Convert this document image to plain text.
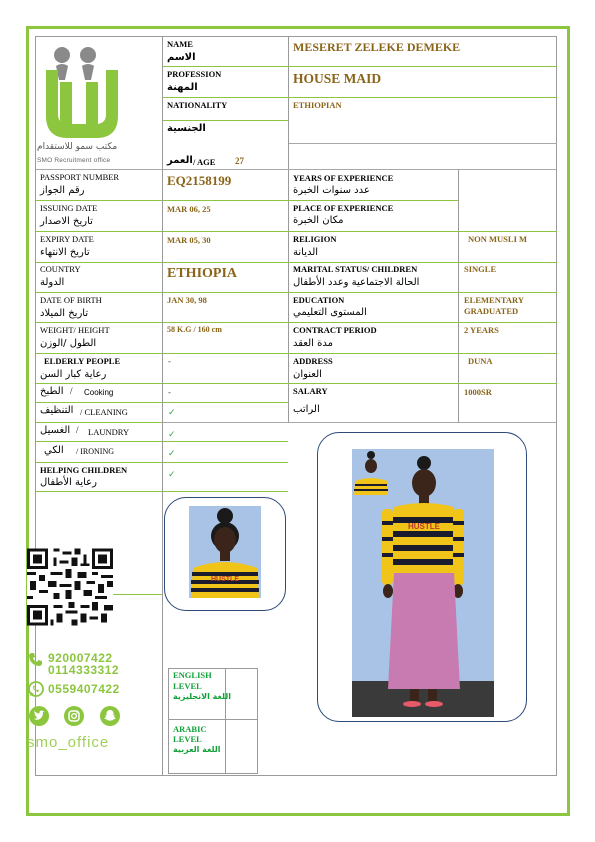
مكتب سمو للاستقدام
SMO Recruitment office
PASSPORT NUMBER
رقم الجواز
ISSUING DATE
تاريخ الاصدار
EXPIRY DATE
تاريخ الانتهاء
COUNTRY
الدولة
DATE OF BIRTH
تاريخ الميلاد
WEIGHT/ HEIGHT
الطول /الوزن
ELDERLY PEOPLE
رعاية كبار السن
الطبخ / Cooking
التنظيف / CLEANING
الغسيل / LAUNDRY
الكي / IRONING
HELPING CHILDREN
رعاية الأطفال
NAME
الاسم
PROFESSION
المهنة
NATIONALITY
الجنسية
العمر / AGE 27
EQ2158199
MAR 06, 25
MAR 05, 30
ETHIOPIA
JAN 30, 98
58 K.G / 160 cm
-
-
✓
✓
✓
✓
MESERET ZELEKE DEMEKE
HOUSE MAID
ETHIOPIAN
YEARS OF EXPERIENCE
عدد سنوات الخبرة
PLACE OF EXPERIENCE
مكان الخبرة
RELIGION
الديانة
MARITAL STATUS/ CHILDREN
الحالة الاجتماعية وعدد الأطفال
EDUCATION
المستوى التعليمي
CONTRACT PERIOD
مدة العقد
ADDRESS
العنوان
SALARY
الراتب
NON MUSLI M
SINGLE
ELEMENTARY
GRADUATED
2 YEARS
DUNA
1000SR
920007422
0114333312
0559407422
smo_office
HUSTLE
HUSTLE
ENGLISH
LEVEL
اللغة الانجليزية
ARABIC
LEVEL
اللغة العربية
